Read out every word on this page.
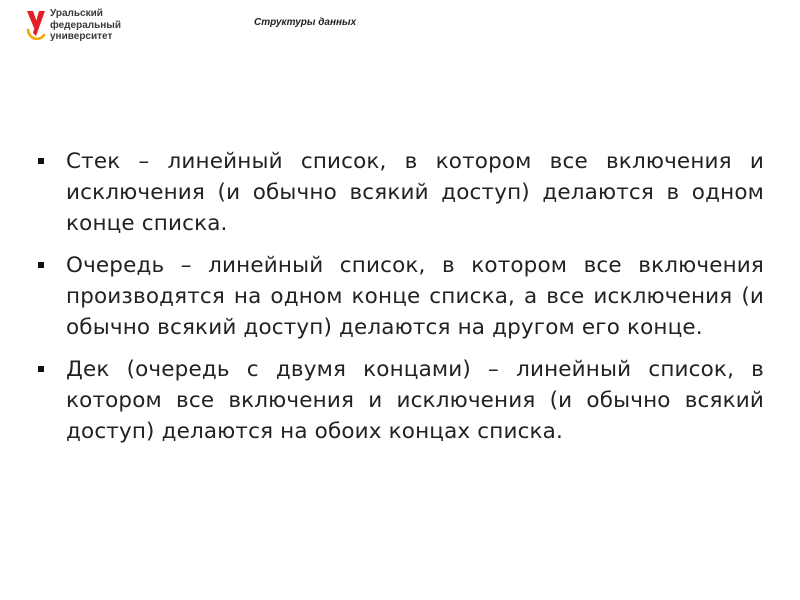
Уральский
федеральный
университет
Структуры данных
Стек – линейный список, в котором все включения и исключения (и обычно всякий доступ) делаются в одном конце списка.
Очередь – линейный список, в котором все включения производятся на одном конце списка, а все исключения (и обычно всякий доступ) делаются на другом его конце.
Дек (очередь с двумя концами) – линейный список, в котором все включения и исключения (и обычно всякий доступ) делаются на обоих концах списка.
